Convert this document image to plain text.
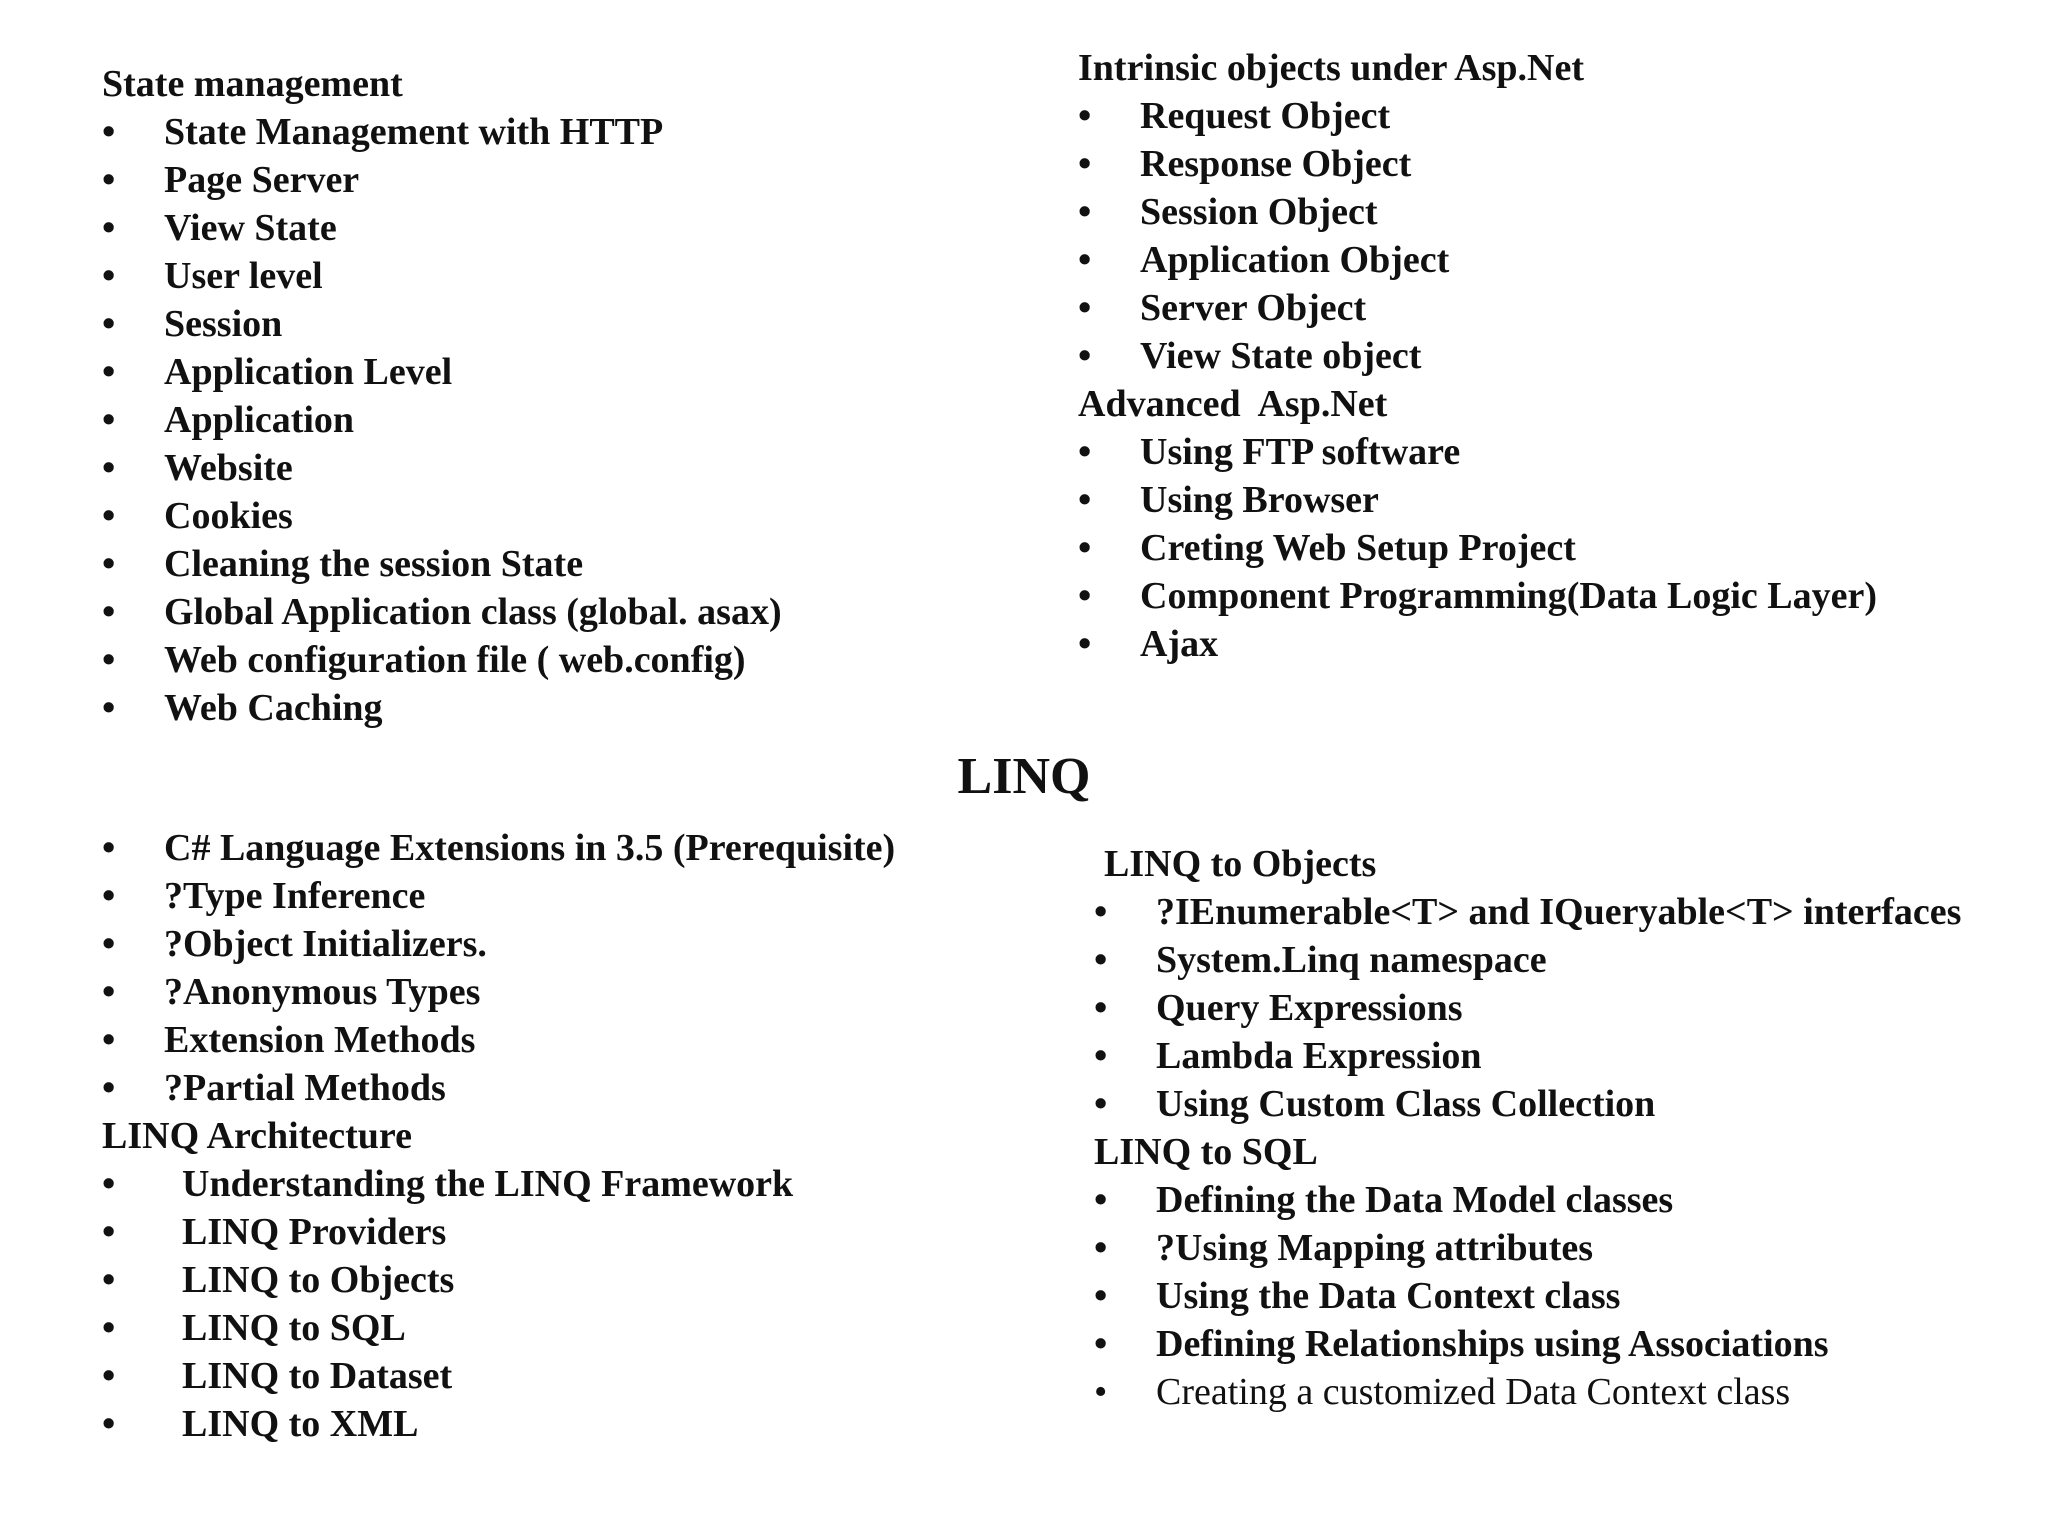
State management
• State Management with HTTP
• Page Server
• View State
• User level
• Session
• Application Level
• Application
• Website
• Cookies
• Cleaning the session State
• Global Application class (global. asax)
• Web configuration file ( web.config)
• Web Caching
Intrinsic objects under Asp.Net
• Request Object
• Response Object
• Session Object
• Application Object
• Server Object
• View State object
Advanced  Asp.Net
• Using FTP software
• Using Browser
• Creting Web Setup Project
• Component Programming(Data Logic Layer)
• Ajax
LINQ
• C# Language Extensions in 3.5 (Prerequisite)
• ?Type Inference
• ?Object Initializers.
• ?Anonymous Types
• Extension Methods
• ?Partial Methods
LINQ Architecture
• Understanding the LINQ Framework
• LINQ Providers
• LINQ to Objects
• LINQ to SQL
• LINQ to Dataset
• LINQ to XML
LINQ to Objects
• ?IEnumerable<T> and IQueryable<T> interfaces
• System.Linq namespace
• Query Expressions
• Lambda Expression
• Using Custom Class Collection
LINQ to SQL
• Defining the Data Model classes
• ?Using Mapping attributes
• Using the Data Context class
• Defining Relationships using Associations
• Creating a customized Data Context class
